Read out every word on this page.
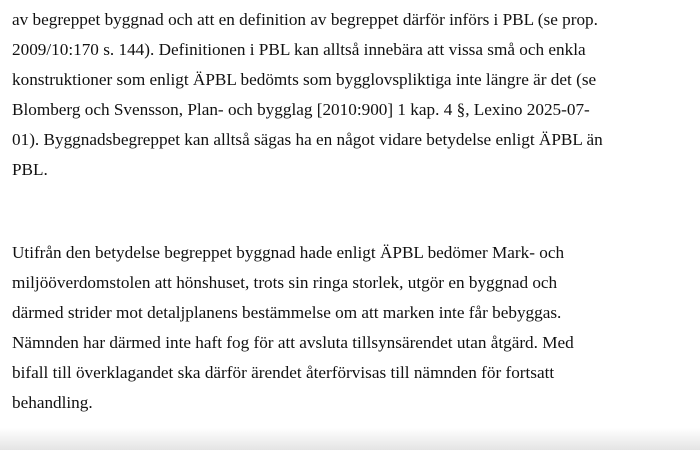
av begreppet byggnad och att en definition av begreppet därför införs i PBL (se prop.
2009/10:170 s. 144). Definitionen i PBL kan alltså innebära att vissa små och enkla
konstruktioner som enligt ÄPBL bedömts som bygglovspliktiga inte längre är det (se
Blomberg och Svensson, Plan- och bygglag [2010:900] 1 kap. 4 §, Lexino 2025-07-
01). Byggnadsbegreppet kan alltså sägas ha en något vidare betydelse enligt ÄPBL än
PBL.

Utifrån den betydelse begreppet byggnad hade enligt ÄPBL bedömer Mark- och
miljööverdomstolen att hönshuset, trots sin ringa storlek, utgör en byggnad och
därmed strider mot detaljplanens bestämmelse om att marken inte får bebyggas.
Nämnden har därmed inte haft fog för att avsluta tillsynsärendet utan åtgärd. Med
bifall till överklagandet ska därför ärendet återförvisas till nämnden för fortsatt
behandling.
